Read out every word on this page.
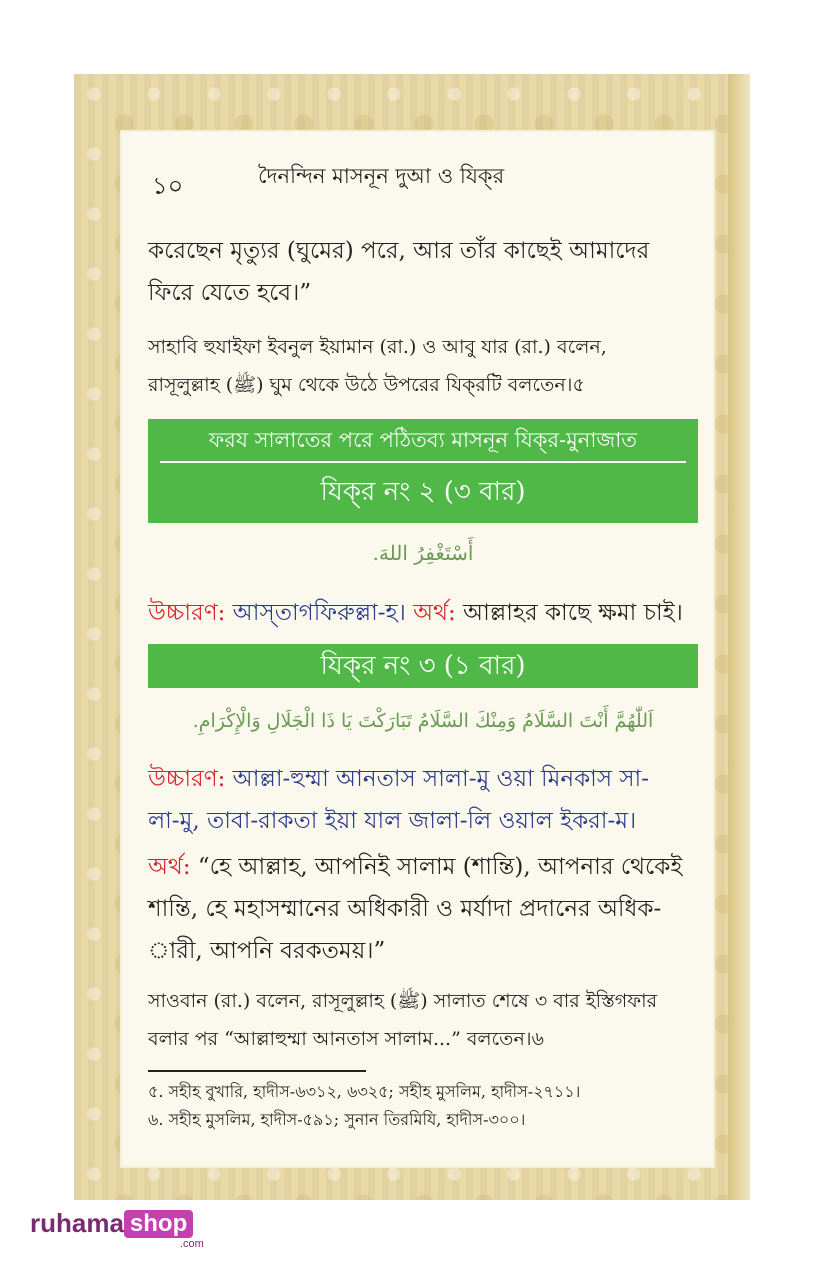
১০	দৈনন্দিন মাসনূন দুআ ও যিক্‌র
করেছেন মৃত্যুর (ঘুমের) পরে, আর তাঁর কাছেই আমাদের
ফিরে যেতে হবে।”
সাহাবি হুযাইফা ইবনুল ইয়ামান (রা.) ও আবু যার (রা.) বলেন,
রাসূলুল্লাহ (ﷺ) ঘুম থেকে উঠে উপরের যিক্‌রটি বলতেন।৫
ফরয সালাতের পরে পঠিতব্য মাসনূন যিক্‌র-মুনাজাত
যিক্‌র নং ২ (৩ বার)
أَسْتَغْفِرُ اللهَ.
উচ্চারণ: আস্‌তাগফিরুল্লা-হ। অর্থ: আল্লাহর কাছে ক্ষমা চাই।
যিক্‌র নং ৩ (১ বার)
اَللّٰهُمَّ أَنْتَ السَّلَامُ وَمِنْكَ السَّلَامُ تَبَارَكْتَ يَا ذَا الْجَلَالِ وَالْإِكْرَامِ.
উচ্চারণ: আল্লা-হুম্মা আনতাস সালা-মু ওয়া মিনকাস সা-
লা-মু, তাবা-রাকতা ইয়া যাল জালা-লি ওয়াল ইকরা-ম।
অর্থ: “হে আল্লাহ, আপনিই সালাম (শান্তি), আপনার থেকেই
শান্তি, হে মহাসম্মানের অধিকারী ও মর্যাদা প্রদানের অধিক-
ারী, আপনি বরকতময়।”
সাওবান (রা.) বলেন, রাসূলুল্লাহ (ﷺ) সালাত শেষে ৩ বার ইস্তিগফার
বলার পর “আল্লাহুম্মা আনতাস সালাম...” বলতেন।৬
৫. সহীহ বুখারি, হাদীস-৬৩১২, ৬৩২৫; সহীহ মুসলিম, হাদীস-২৭১১।
৬. সহীহ মুসলিম, হাদীস-৫৯১; সুনান তিরমিযি, হাদীস-৩০০।
ruhama shop
.com
